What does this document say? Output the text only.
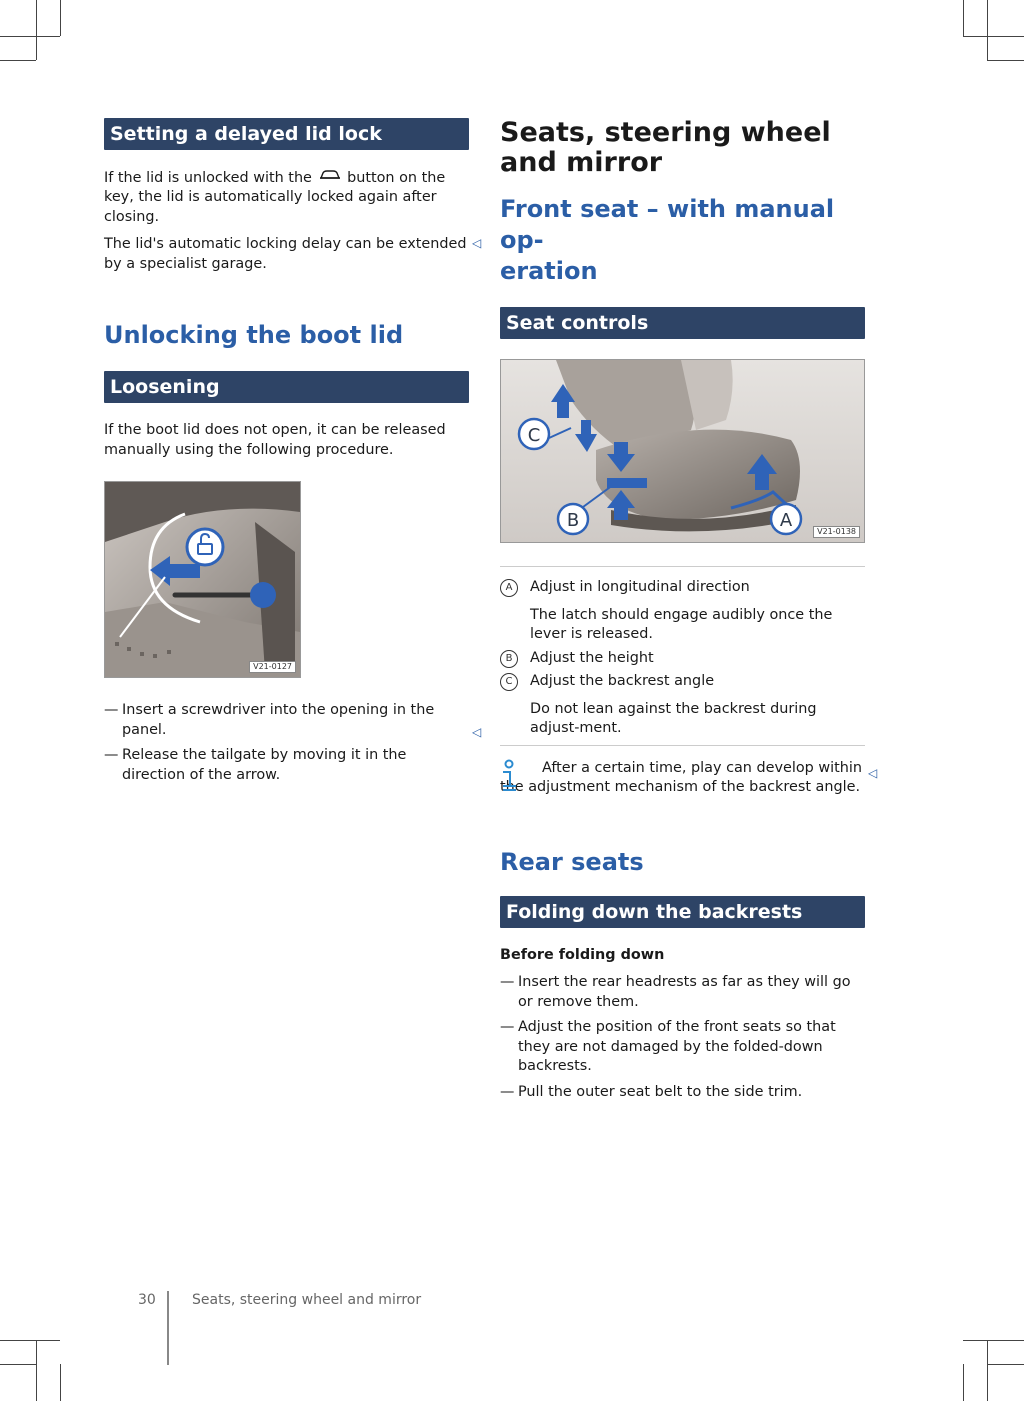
Setting a delayed lid lock

If the lid is unlocked with the button on the key, the lid is automatically locked again after closing.

The lid's automatic locking delay can be extended by a specialist garage.

◁
Unlocking the boot lid
Loosening

If the boot lid does not open, it can be released manually using the following procedure.

V21-0127
— Insert a screwdriver into the opening in the panel.
— Release the tailgate by moving it in the direction of the arrow.
◁
Seats, steering wheel and mirror
Front seat – with manual op-
eration
Seat controls
C
B	A
V21-0138
A	Adjust in longitudinal direction
The latch should engage audibly once the lever is released.
B	Adjust the height
C	Adjust the backrest angle
Do not lean against the backrest during adjust-ment.

After a certain time, play can develop within the adjustment mechanism of the backrest angle.

◁
Rear seats
Folding down the backrests

Before folding down

— Insert the rear headrests as far as they will go or remove them.
— Adjust the position of the front seats so that they are not damaged by the folded-down backrests.
— Pull the outer seat belt to the side trim.
30	Seats, steering wheel and mirror
